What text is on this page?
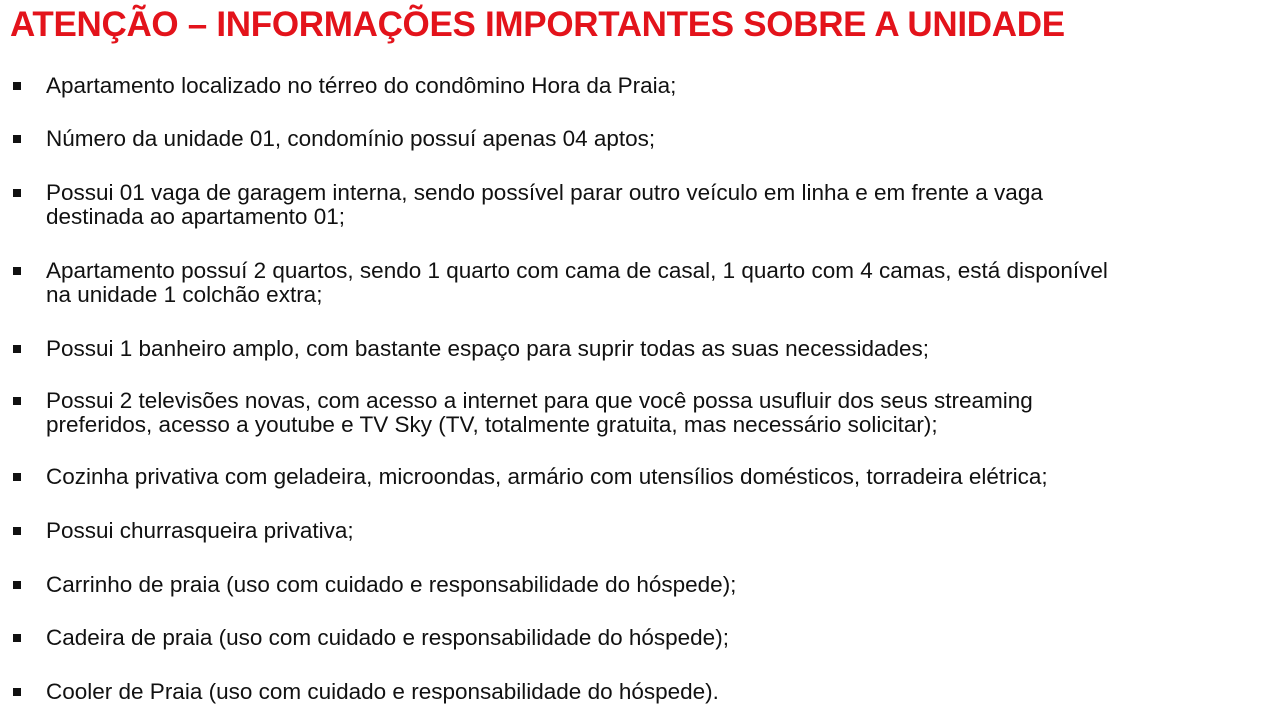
ATENÇÃO – INFORMAÇÕES IMPORTANTES SOBRE A UNIDADE
Apartamento localizado no térreo do condômino Hora da Praia;
Número da unidade 01, condomínio possuí apenas 04 aptos;
Possui 01 vaga de garagem interna, sendo possível parar outro veículo em linha e em frente a vaga
destinada ao apartamento 01;
Apartamento possuí 2 quartos, sendo 1 quarto com cama de casal, 1 quarto com 4 camas, está disponível
na unidade 1 colchão extra;
Possui 1 banheiro amplo, com bastante espaço para suprir todas as suas necessidades;
Possui 2 televisões novas, com acesso a internet para que você possa usufluir dos seus streaming
preferidos, acesso a youtube e TV Sky (TV, totalmente gratuita, mas necessário solicitar);
Cozinha privativa com geladeira, microondas, armário com utensílios domésticos, torradeira elétrica;
Possui churrasqueira privativa;
Carrinho de praia (uso com cuidado e responsabilidade do hóspede);
Cadeira de praia (uso com cuidado e responsabilidade do hóspede);
Cooler de Praia (uso com cuidado e responsabilidade do hóspede).
